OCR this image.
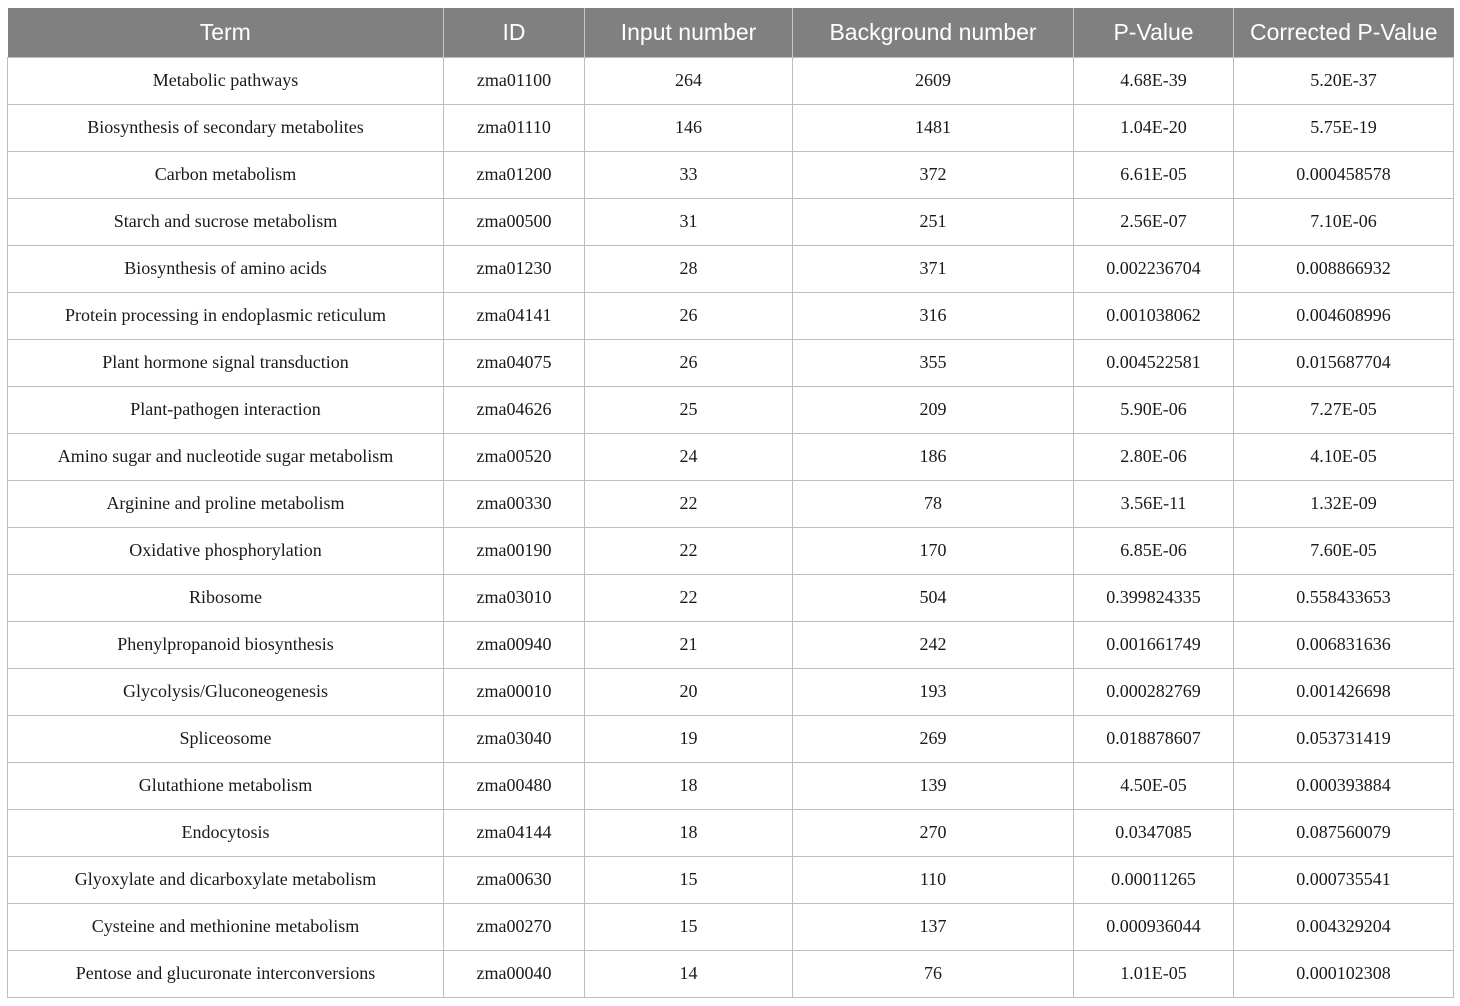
Term	ID	Input number	Background number	P-Value	Corrected P-Value
Metabolic pathways	zma01100	264	2609	4.68E-39	5.20E-37
Biosynthesis of secondary metabolites	zma01110	146	1481	1.04E-20	5.75E-19
Carbon metabolism	zma01200	33	372	6.61E-05	0.000458578
Starch and sucrose metabolism	zma00500	31	251	2.56E-07	7.10E-06
Biosynthesis of amino acids	zma01230	28	371	0.002236704	0.008866932
Protein processing in endoplasmic reticulum	zma04141	26	316	0.001038062	0.004608996
Plant hormone signal transduction	zma04075	26	355	0.004522581	0.015687704
Plant-pathogen interaction	zma04626	25	209	5.90E-06	7.27E-05
Amino sugar and nucleotide sugar metabolism	zma00520	24	186	2.80E-06	4.10E-05
Arginine and proline metabolism	zma00330	22	78	3.56E-11	1.32E-09
Oxidative phosphorylation	zma00190	22	170	6.85E-06	7.60E-05
Ribosome	zma03010	22	504	0.399824335	0.558433653
Phenylpropanoid biosynthesis	zma00940	21	242	0.001661749	0.006831636
Glycolysis/Gluconeogenesis	zma00010	20	193	0.000282769	0.001426698
Spliceosome	zma03040	19	269	0.018878607	0.053731419
Glutathione metabolism	zma00480	18	139	4.50E-05	0.000393884
Endocytosis	zma04144	18	270	0.0347085	0.087560079
Glyoxylate and dicarboxylate metabolism	zma00630	15	110	0.00011265	0.000735541
Cysteine and methionine metabolism	zma00270	15	137	0.000936044	0.004329204
Pentose and glucuronate interconversions	zma00040	14	76	1.01E-05	0.000102308
